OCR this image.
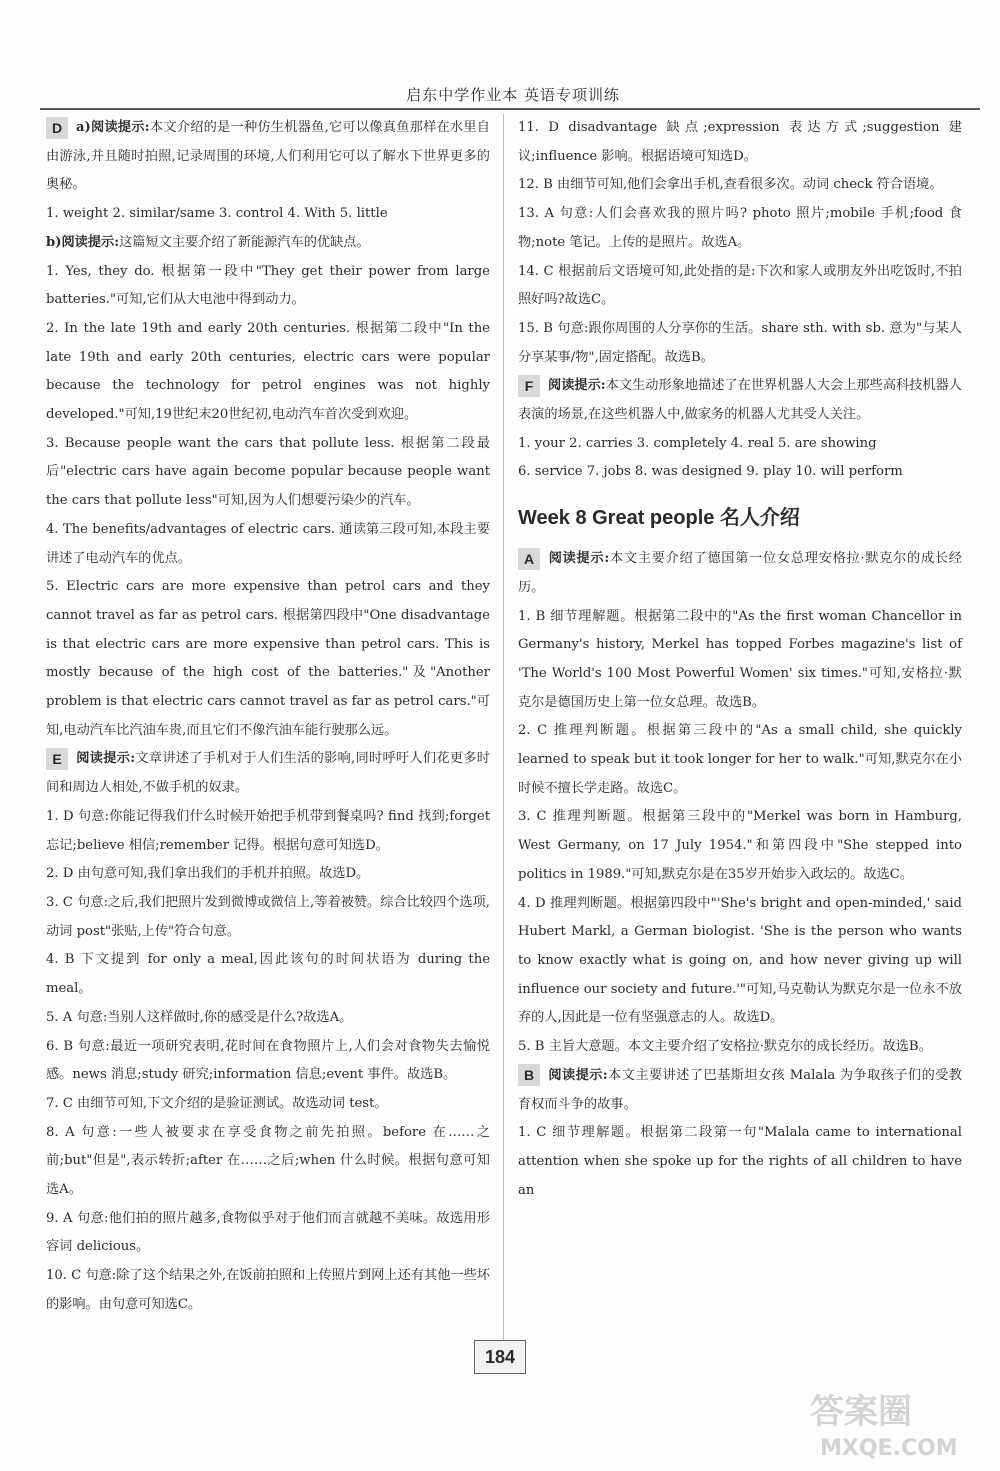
启东中学作业本 英语专项训练
D a)阅读提示:本文介绍的是一种仿生机器鱼,它可以像真鱼那样在水里自由游泳,并且随时拍照,记录周围的环境,人们利用它可以了解水下世界更多的奥秘。
1. weight 2. similar/same 3. control 4. With 5. little
b)阅读提示:这篇短文主要介绍了新能源汽车的优缺点。
1. Yes, they do. 根据第一段中"They get their power from large batteries."可知,它们从大电池中得到动力。
2. In the late 19th and early 20th centuries. 根据第二段中"In the late 19th and early 20th centuries, electric cars were popular because the technology for petrol engines was not highly developed."可知,19世纪末20世纪初,电动汽车首次受到欢迎。
3. Because people want the cars that pollute less. 根据第二段最后"electric cars have again become popular because people want the cars that pollute less"可知,因为人们想要污染少的汽车。
4. The benefits/advantages of electric cars. 通读第三段可知,本段主要讲述了电动汽车的优点。
5. Electric cars are more expensive than petrol cars and they cannot travel as far as petrol cars. 根据第四段中"One disadvantage is that electric cars are more expensive than petrol cars. This is mostly because of the high cost of the batteries."及"Another problem is that electric cars cannot travel as far as petrol cars."可知,电动汽车比汽油车贵,而且它们不像汽油车能行驶那么远。
E 阅读提示:文章讲述了手机对于人们生活的影响,同时呼吁人们花更多时间和周边人相处,不做手机的奴隶。
1. D 句意:你能记得我们什么时候开始把手机带到餐桌吗? find 找到;forget 忘记;believe 相信;remember 记得。根据句意可知选D。
2. D 由句意可知,我们拿出我们的手机并拍照。故选D。
3. C 句意:之后,我们把照片发到微博或微信上,等着被赞。综合比较四个选项,动词 post"张贴,上传"符合句意。
4. B 下文提到 for only a meal,因此该句的时间状语为 during the meal。
5. A 句意:当别人这样做时,你的感受是什么?故选A。
6. B 句意:最近一项研究表明,花时间在食物照片上,人们会对食物失去愉悦感。news 消息;study 研究;information 信息;event 事件。故选B。
7. C 由细节可知,下文介绍的是验证测试。故选动词 test。
8. A 句意:一些人被要求在享受食物之前先拍照。before 在……之前;but"但是",表示转折;after 在……之后;when 什么时候。根据句意可知选A。
9. A 句意:他们拍的照片越多,食物似乎对于他们而言就越不美味。故选用形容词 delicious。
10. C 句意:除了这个结果之外,在饭前拍照和上传照片到网上还有其他一些坏的影响。由句意可知选C。
11. D disadvantage 缺点;expression 表达方式;suggestion 建议;influence 影响。根据语境可知选D。
12. B 由细节可知,他们会拿出手机,查看很多次。动词 check 符合语境。
13. A 句意:人们会喜欢我的照片吗? photo 照片;mobile 手机;food 食物;note 笔记。上传的是照片。故选A。
14. C 根据前后文语境可知,此处指的是:下次和家人或朋友外出吃饭时,不拍照好吗?故选C。
15. B 句意:跟你周围的人分享你的生活。share sth. with sb. 意为"与某人分享某事/物",固定搭配。故选B。
F 阅读提示:本文生动形象地描述了在世界机器人大会上那些高科技机器人表演的场景,在这些机器人中,做家务的机器人尤其受人关注。
1. your 2. carries 3. completely 4. real 5. are showing
6. service 7. jobs 8. was designed 9. play 10. will perform
Week 8 Great people 名人介绍
A 阅读提示:本文主要介绍了德国第一位女总理安格拉·默克尔的成长经历。
1. B 细节理解题。根据第二段中的"As the first woman Chancellor in Germany's history, Merkel has topped Forbes magazine's list of 'The World's 100 Most Powerful Women' six times."可知,安格拉·默克尔是德国历史上第一位女总理。故选B。
2. C 推理判断题。根据第三段中的"As a small child, she quickly learned to speak but it took longer for her to walk."可知,默克尔在小时候不擅长学走路。故选C。
3. C 推理判断题。根据第三段中的"Merkel was born in Hamburg, West Germany, on 17 July 1954."和第四段中"She stepped into politics in 1989."可知,默克尔是在35岁开始步入政坛的。故选C。
4. D 推理判断题。根据第四段中"'She's bright and open-minded,' said Hubert Markl, a German biologist. 'She is the person who wants to know exactly what is going on, and how never giving up will influence our society and future.'"可知,马克勒认为默克尔是一位永不放弃的人,因此是一位有坚强意志的人。故选D。
5. B 主旨大意题。本文主要介绍了安格拉·默克尔的成长经历。故选B。
B 阅读提示:本文主要讲述了巴基斯坦女孩 Malala 为争取孩子们的受教育权而斗争的故事。
1. C 细节理解题。根据第二段第一句"Malala came to international attention when she spoke up for the rights of all children to have an
184
答案圈
MXQE.COM
